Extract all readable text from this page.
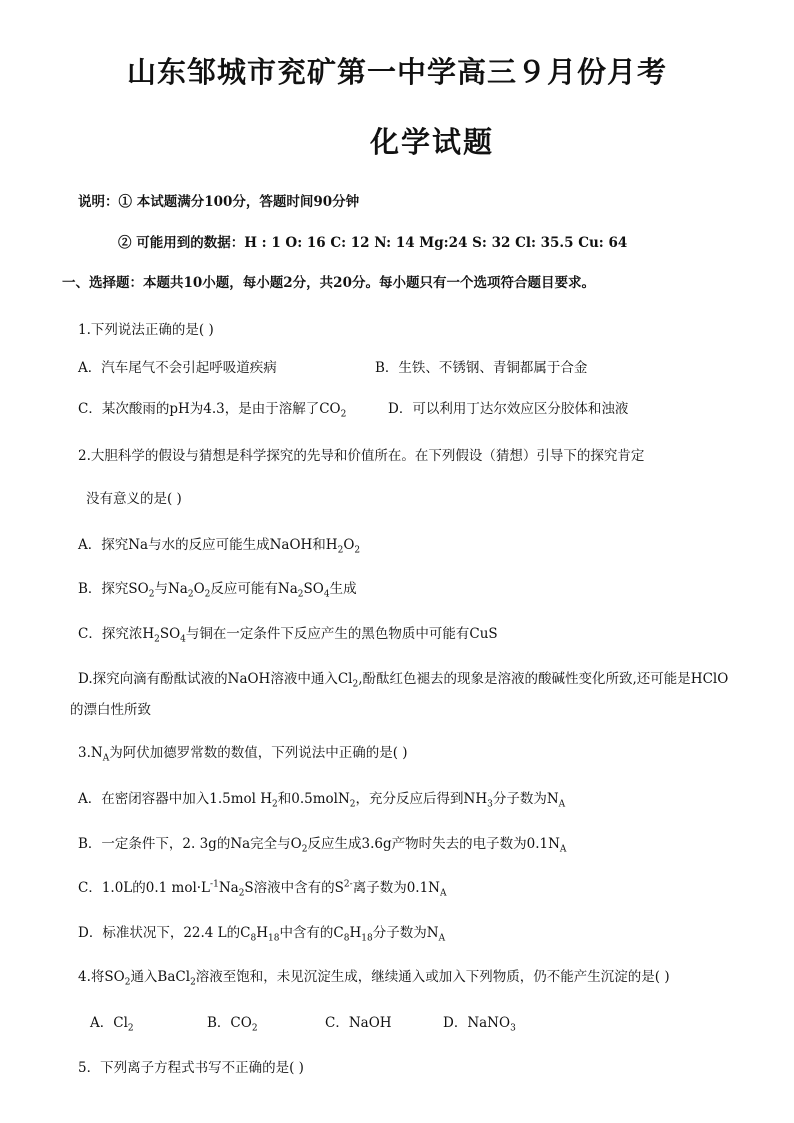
山东邹城市兖矿第一中学高三９月份月考
化学试题
说明：① 本试题满分100分，答题时间90分钟
② 可能用到的数据：H : 1 O: 16 C: 12 N: 14 Mg:24 S: 32 Cl: 35.5 Cu: 64
一、选择题：本题共10小题，每小题2分，共20分。每小题只有一个选项符合题目要求。
1.下列说法正确的是( )
A．汽车尾气不会引起呼吸道疾病	B．生铁、不锈钢、青铜都属于合金
C．某次酸雨的pH为4.3，是由于溶解了$CO_2$	D．可以利用丁达尔效应区分胶体和浊液
2.大胆科学的假设与猜想是科学探究的先导和价值所在。在下列假设（猜想）引导下的探究肯定
没有意义的是( )
A．探究Na与水的反应可能生成NaOH和$H_2O_2$
B．探究$SO_2$与$Na_2O_2$反应可能有$Na_2SO_4$生成
C．探究浓$H_2SO_4$与铜在一定条件下反应产生的黑色物质中可能有CuS
D.探究向滴有酚酞试液的NaOH溶液中通入$Cl_2$,酚酞红色褪去的现象是溶液的酸碱性变化所致,还可能是HClO
的漂白性所致
$3.N_A$为阿伏加德罗常数的数值，下列说法中正确的是( )
A．在密闭容器中加入1.5mol $H_2$和0.5molN$_2$，充分反应后得到$NH_3$分子数为$N_A$
B．一定条件下，2. 3g的Na完全与$O_2$反应生成3.6g产物时失去的电子数为$0.1N_A$
C．1.0L的0.1 $mol\cdot L^{-1}Na_2S$溶液中含有的$S^{2-}$离子数为$0.1N_A$
D．标准状况下，22.4 L的$C_8H_{18}$中含有的$C_8H_{18}$分子数为$N_A$
4.将$SO_2$通入BaCl$_2$溶液至饱和，未见沉淀生成，继续通入或加入下列物质，仍不能产生沉淀的是( )
A．$Cl_2$	B．$CO_2$	C．NaOH	D．NaNO$_3$
5．下列离子方程式书写不正确的是( )
